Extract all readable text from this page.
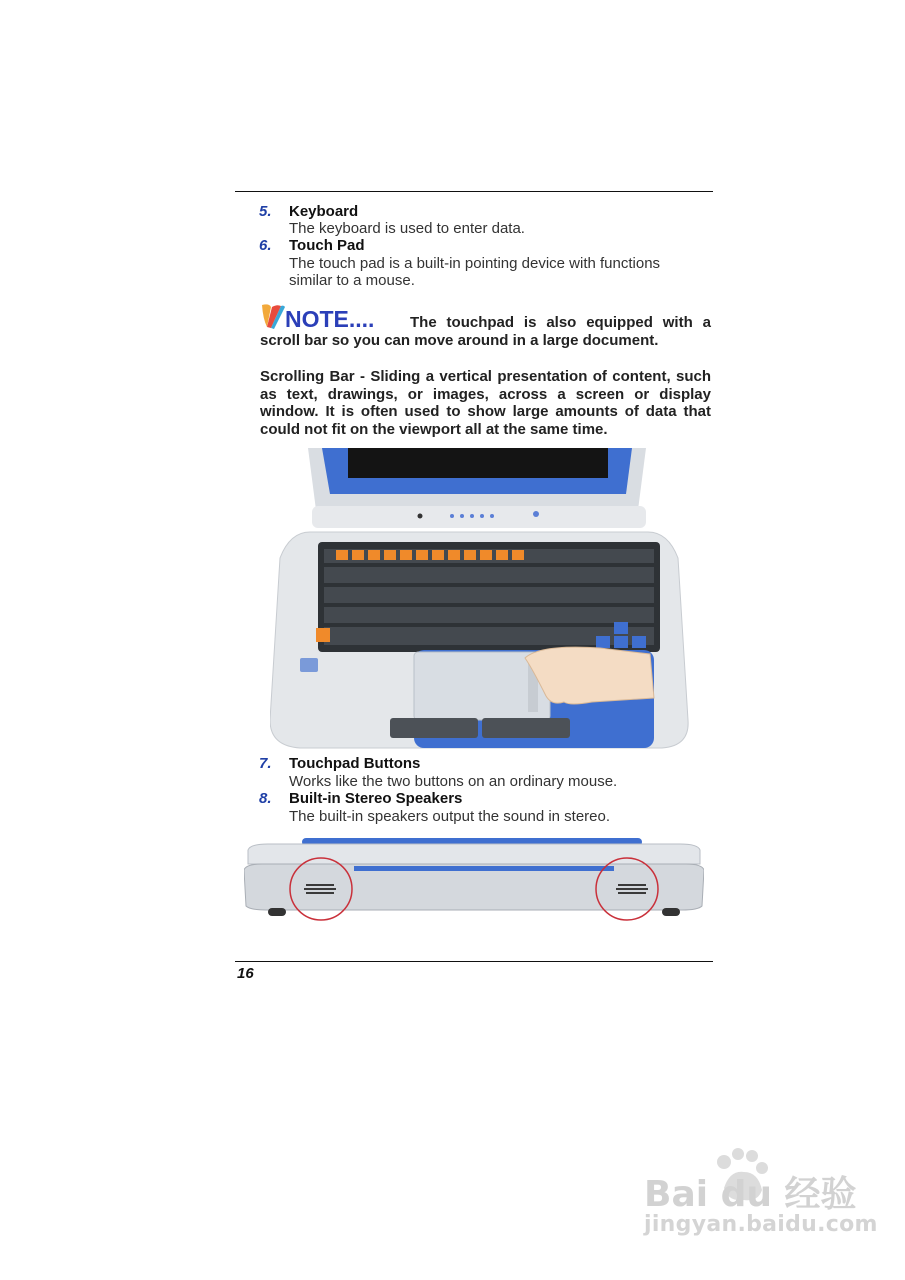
5. Keyboard
The keyboard is used to enter data.
6. Touch Pad
The touch pad is a built-in pointing device with functions
similar to a mouse.
NOTE....	The touchpad is also equipped with a scroll bar so you can move around in a large document.
Scrolling Bar - Sliding a vertical presentation of content, such as text, drawings, or images, across a screen or display window. It is often used to show large amounts of data that could not fit on the viewport all at the same time.
7. Touchpad Buttons
Works like the two buttons on an ordinary mouse.
8. Built-in Stereo Speakers
The built-in speakers output the sound in stereo.
16
Bai du 经验
jingyan.baidu.com
